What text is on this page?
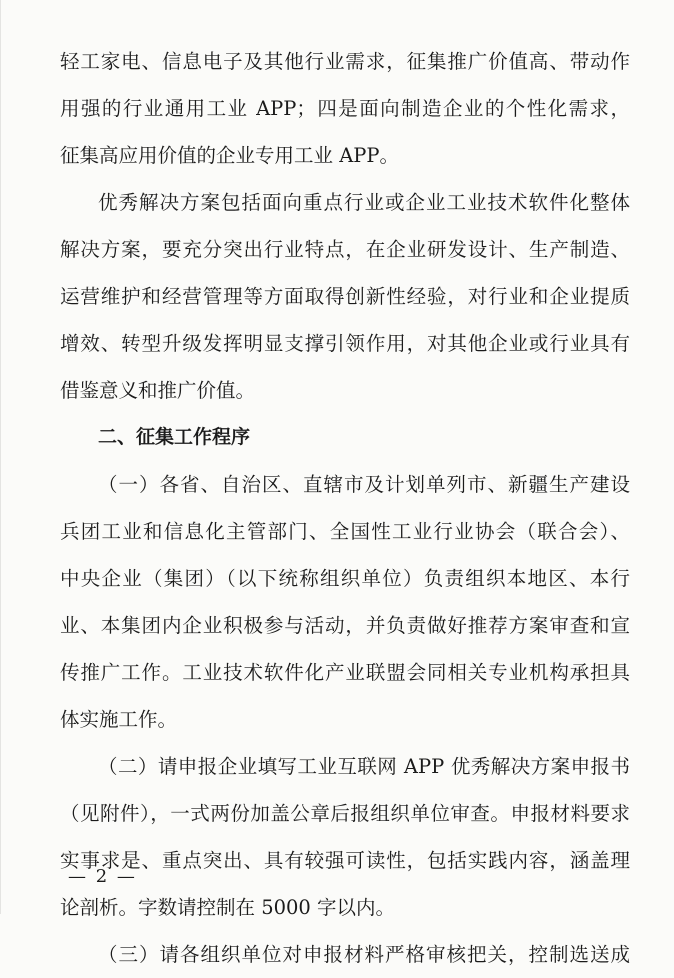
轻工家电、信息电子及其他行业需求，征集推广价值高、带动作
用强的行业通用工业 APP；四是面向制造企业的个性化需求，
征集高应用价值的企业专用工业 APP。
优秀解决方案包括面向重点行业或企业工业技术软件化整体
解决方案，要充分突出行业特点，在企业研发设计、生产制造、
运营维护和经营管理等方面取得创新性经验，对行业和企业提质
增效、转型升级发挥明显支撑引领作用，对其他企业或行业具有
借鉴意义和推广价值。
二、征集工作程序
（一）各省、自治区、直辖市及计划单列市、新疆生产建设
兵团工业和信息化主管部门、全国性工业行业协会（联合会）、
中央企业（集团）（以下统称组织单位）负责组织本地区、本行
业、本集团内企业积极参与活动，并负责做好推荐方案审查和宣
传推广工作。工业技术软件化产业联盟会同相关专业机构承担具
体实施工作。
（二）请申报企业填写工业互联网 APP 优秀解决方案申报书
（见附件），一式两份加盖公章后报组织单位审查。申报材料要求
实事求是、重点突出、具有较强可读性，包括实践内容，涵盖理
论剖析。字数请控制在 5000 字以内。
（三）请各组织单位对申报材料严格审核把关，控制选送成
— 2 —
